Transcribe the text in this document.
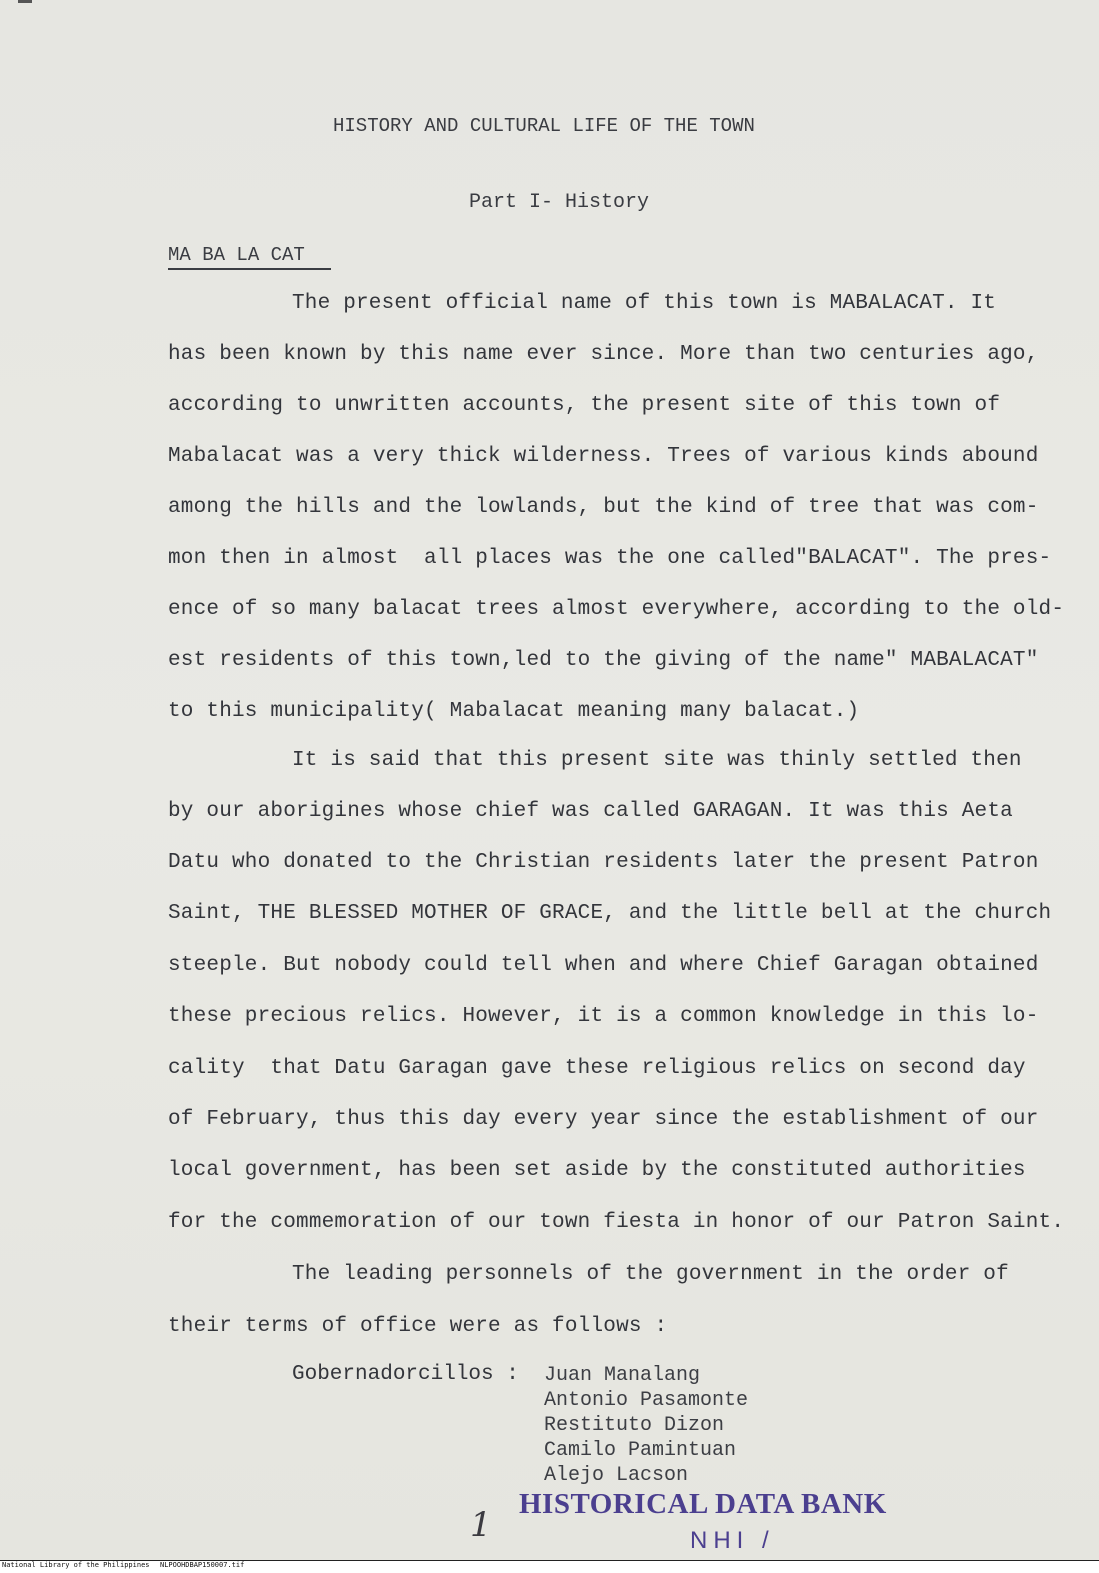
HISTORY AND CULTURAL LIFE OF THE TOWN
Part I- History
MA BA LA CAT
The present official name of this town is MABALACAT. It
has been known by this name ever since. More than two centuries ago,
according to unwritten accounts, the present site of this town of
Mabalacat was a very thick wilderness. Trees of various kinds abound
among the hills and the lowlands, but the kind of tree that was com-
mon then in almost  all places was the one called"BALACAT". The pres-
ence of so many balacat trees almost everywhere, according to the old-
est residents of this town,led to the giving of the name" MABALACAT"
to this municipality( Mabalacat meaning many balacat.)
It is said that this present site was thinly settled then
by our aborigines whose chief was called GARAGAN. It was this Aeta
Datu who donated to the Christian residents later the present Patron
Saint, THE BLESSED MOTHER OF GRACE, and the little bell at the church
steeple. But nobody could tell when and where Chief Garagan obtained
these precious relics. However, it is a common knowledge in this lo-
cality  that Datu Garagan gave these religious relics on second day
of February, thus this day every year since the establishment of our
local government, has been set aside by the constituted authorities
for the commemoration of our town fiesta in honor of our Patron Saint.
The leading personnels of the government in the order of
their terms of office were as follows :
Gobernadorcillos : Juan Manalang
Antonio Pasamonte
Restituto Dizon
Camilo Pamintuan
Alejo Lacson
1
HISTORICAL DATA BANK
NHI /
National Library of the Philippines NLPOOHDBAP150007.tif
